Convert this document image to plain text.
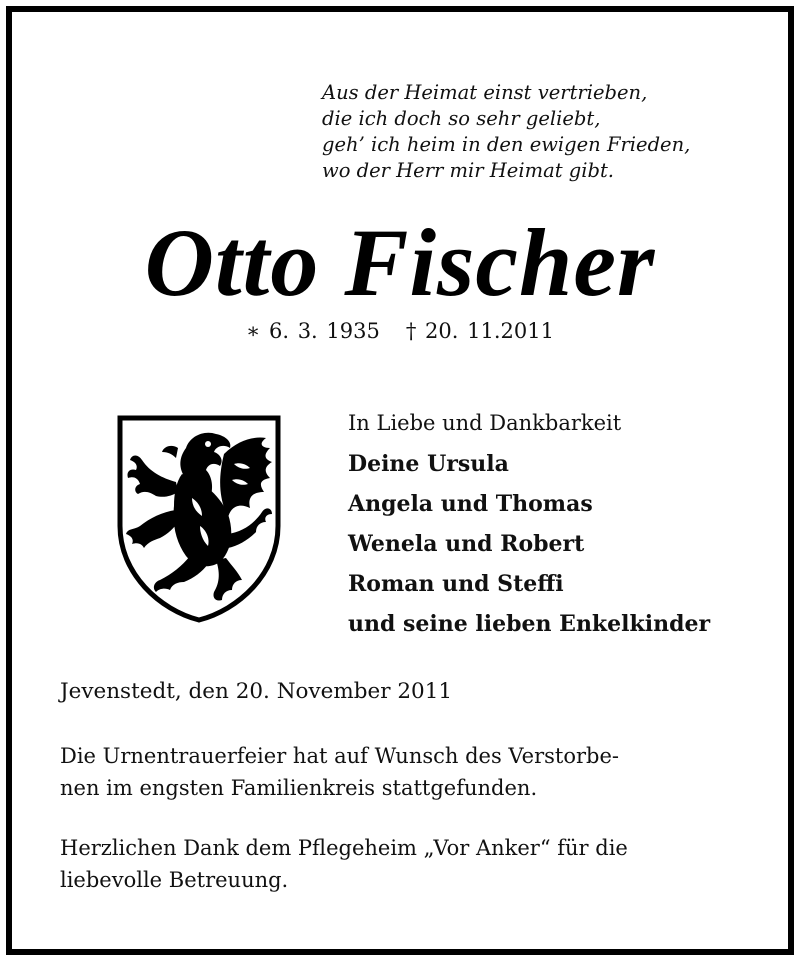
Aus der Heimat einst vertrieben,
die ich doch so sehr geliebt,
geh’ ich heim in den ewigen Frieden,
wo der Herr mir Heimat gibt.
Otto Fischer
∗ 6. 3. 1935 † 20. 11.2011
In Liebe und Dankbarkeit
Deine Ursula
Angela und Thomas
Wenela und Robert
Roman und Steffi
und seine lieben Enkelkinder
Jevenstedt, den 20. November 2011
Die Urnentrauerfeier hat auf Wunsch des Verstorbe-
nen im engsten Familienkreis stattgefunden.
Herzlichen Dank dem Pflegeheim „Vor Anker“ für die
liebevolle Betreuung.
